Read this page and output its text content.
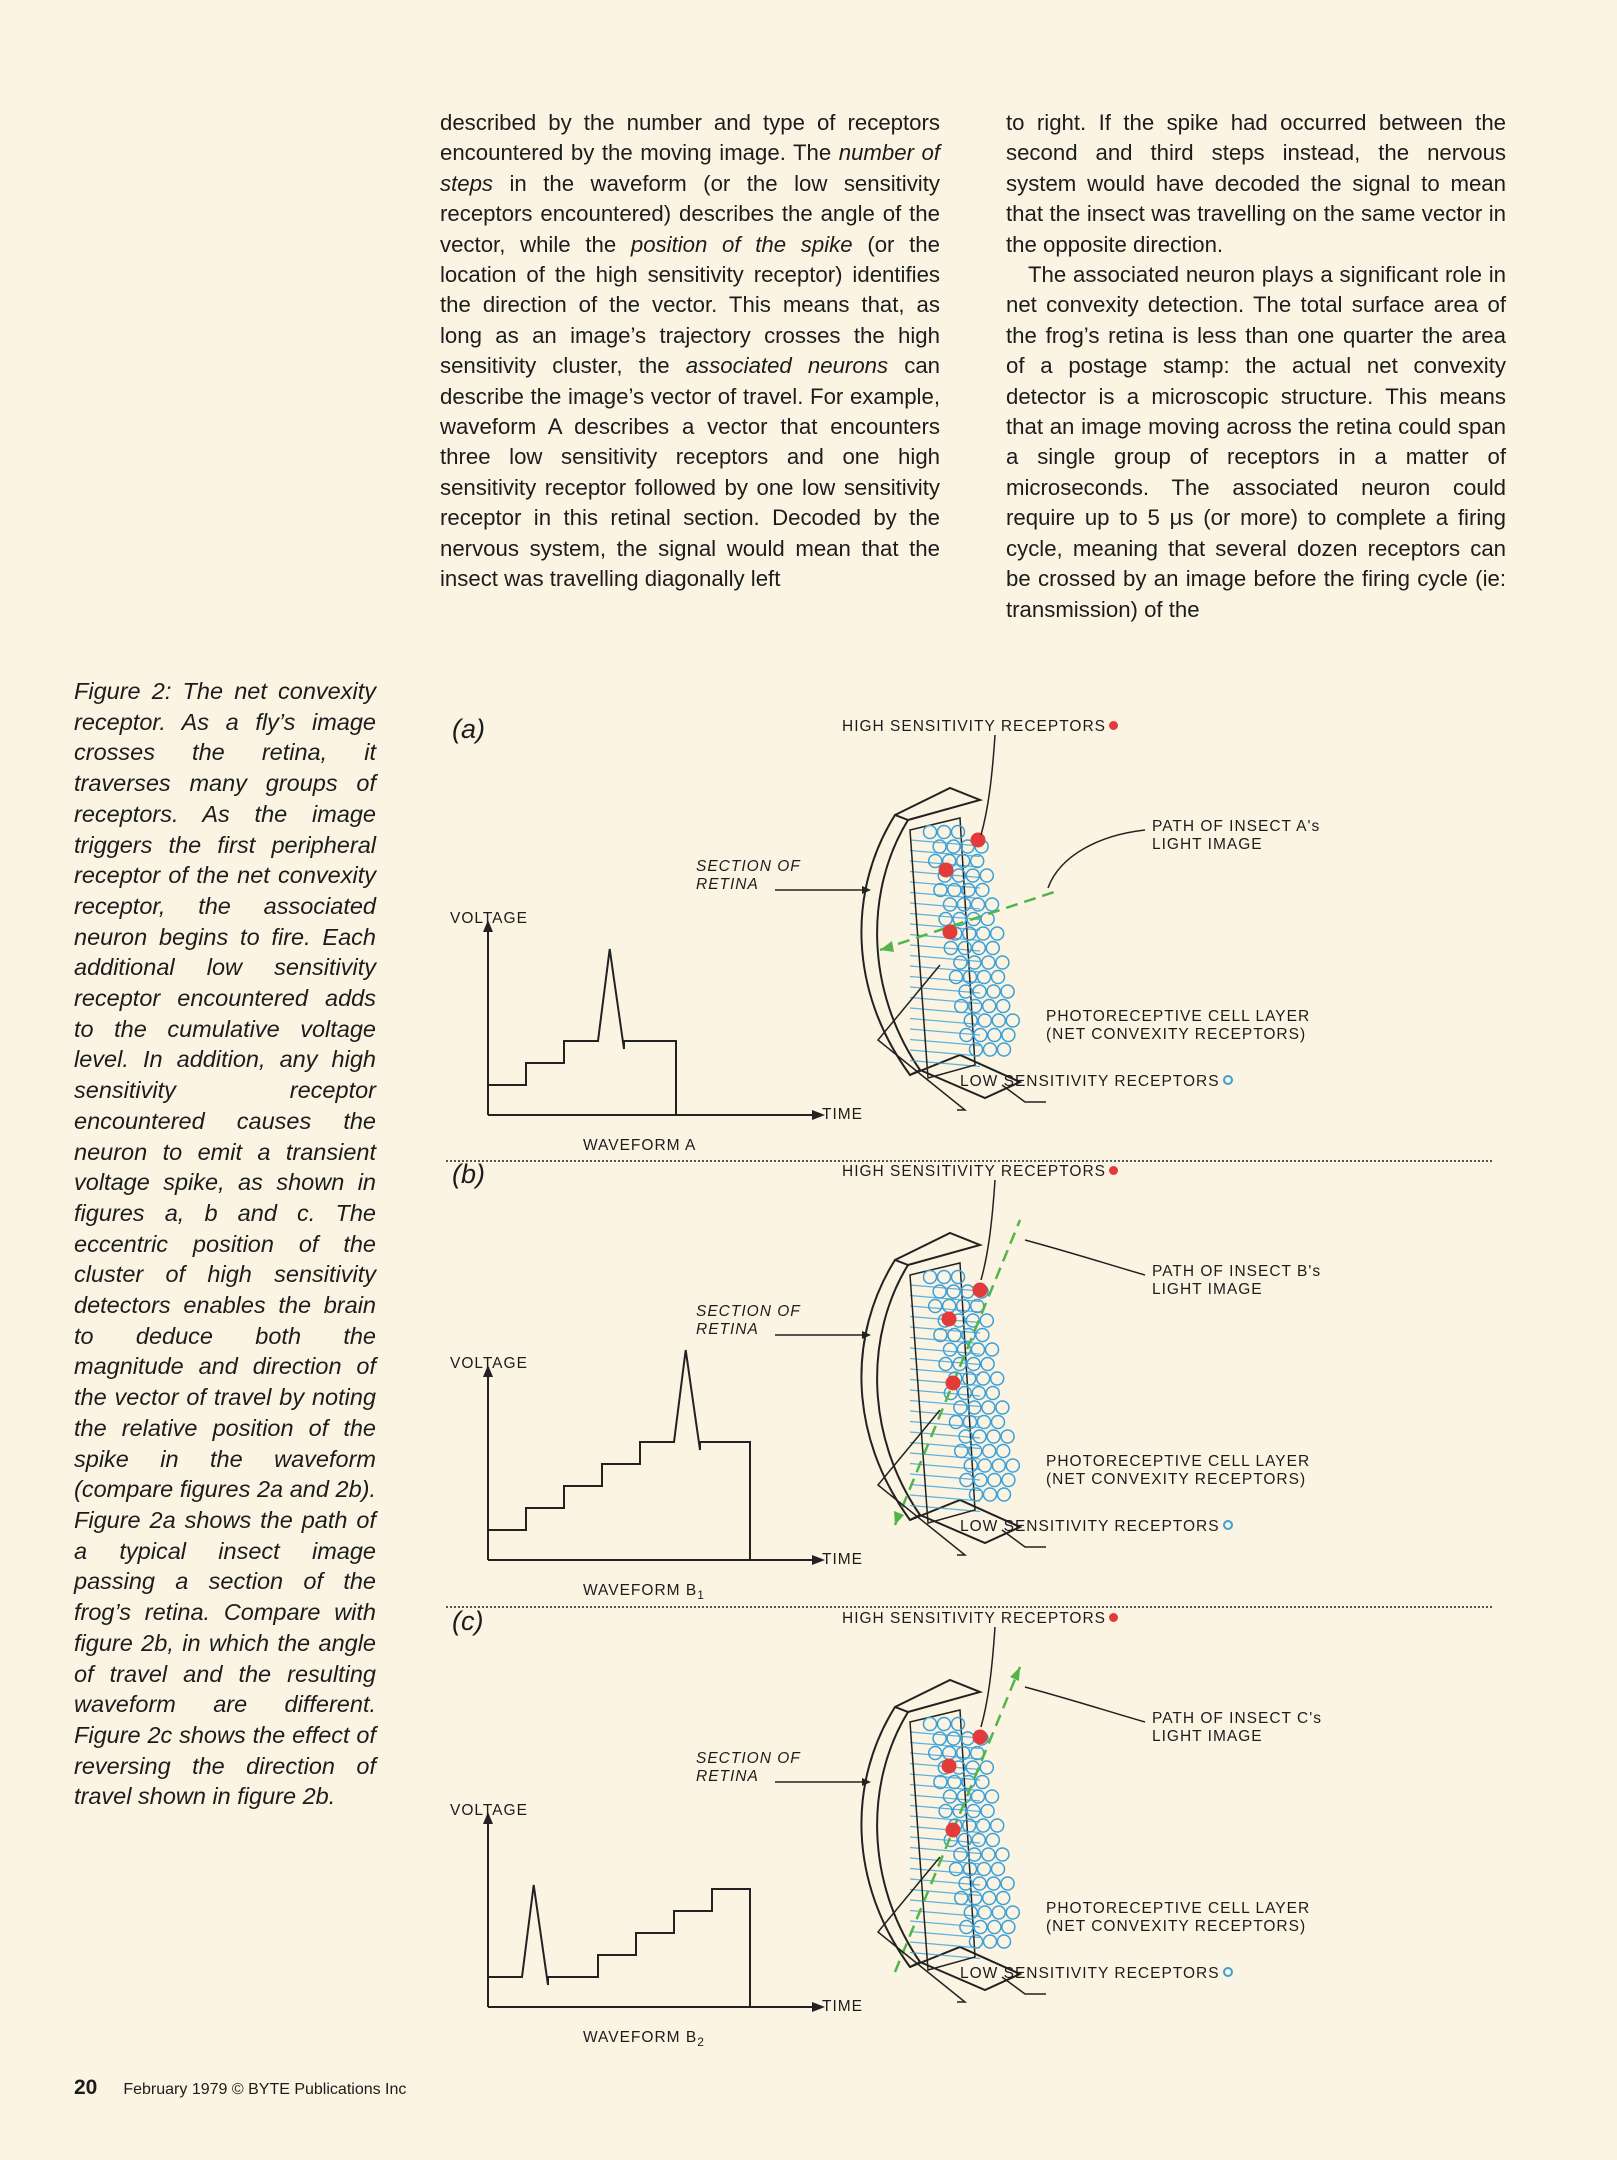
described by the number and type of receptors encountered by the moving image. The number of steps in the waveform (or the low sensitivity receptors encountered) describes the angle of the vector, while the position of the spike (or the location of the high sensitivity receptor) identifies the direction of the vector. This means that, as long as an image’s trajectory crosses the high sensitivity cluster, the associated neurons can describe the image’s vector of travel. For example, waveform A describes a vector that encounters three low sensitivity receptors and one high sensitivity receptor followed by one low sensitivity receptor in this retinal section. Decoded by the nervous system, the signal would mean that the insect was travelling diagonally left

to right. If the spike had occurred between the second and third steps instead, the nervous system would have decoded the signal to mean that the insect was travelling on the same vector in the opposite direction.

The associated neuron plays a significant role in net convexity detection. The total surface area of the frog’s retina is less than one quarter the area of a postage stamp: the actual net convexity detector is a microscopic structure. This means that an image moving across the retina could span a single group of receptors in a matter of microseconds. The associated neuron could require up to 5 μs (or more) to complete a firing cycle, meaning that several dozen receptors can be crossed by an image before the firing cycle (ie: transmission) of the

Figure 2: The net convexity receptor. As a fly’s image crosses the retina, it traverses many groups of receptors. As the image triggers the first peripheral receptor of the net convexity receptor, the associated neuron begins to fire. Each additional low sensitivity receptor encountered adds to the cumulative voltage level. In addition, any high sensitivity receptor encountered causes the neuron to emit a transient voltage spike, as shown in figures a, b and c. The eccentric position of the cluster of high sensitivity detectors enables the brain to deduce both the magnitude and direction of the vector of travel by noting the relative position of the spike in the waveform (compare figures 2a and 2b). Figure 2a shows the path of a typical insect image passing a section of the frog’s retina. Compare with figure 2b, in which the angle of travel and the resulting waveform are different. Figure 2c shows the effect of reversing the direction of travel shown in figure 2b.
(a)
VOLTAGE
TIME
WAVEFORM A
HIGH SENSITIVITY RECEPTORS
SECTION OF
RETINA
PATH OF INSECT A's
LIGHT IMAGE
PHOTORECEPTIVE CELL LAYER
(NET CONVEXITY RECEPTORS)
LOW SENSITIVITY RECEPTORS
(b)
VOLTAGE
TIME
WAVEFORM $B_1$
HIGH SENSITIVITY RECEPTORS
SECTION OF
RETINA
PATH OF INSECT B's
LIGHT IMAGE
PHOTORECEPTIVE CELL LAYER
(NET CONVEXITY RECEPTORS)
LOW SENSITIVITY RECEPTORS
(c)
VOLTAGE
TIME
WAVEFORM $B_2$
HIGH SENSITIVITY RECEPTORS
SECTION OF
RETINA
PATH OF INSECT C's
LIGHT IMAGE
PHOTORECEPTIVE CELL LAYER
(NET CONVEXITY RECEPTORS)
LOW SENSITIVITY RECEPTORS
20 February 1979 © BYTE Publications Inc
